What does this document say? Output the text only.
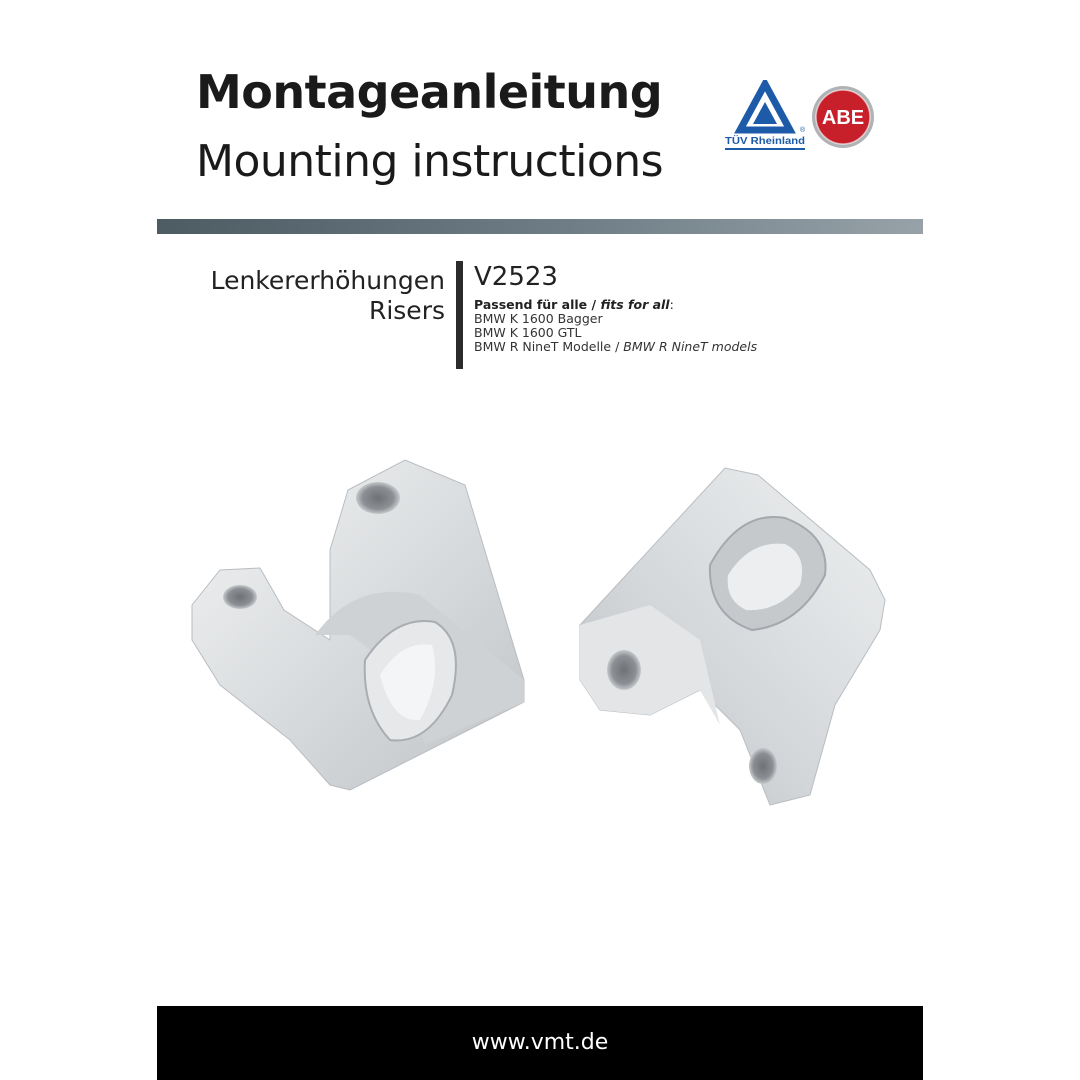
Montageanleitung
Mounting instructions
®
TÜV Rheinland
ABE
Lenkererhöhungen
Risers
V2523
Passend für alle / fits for all:
BMW K 1600 Bagger
BMW K 1600 GTL
BMW R NineT Modelle / BMW R NineT models
www.vmt.de
